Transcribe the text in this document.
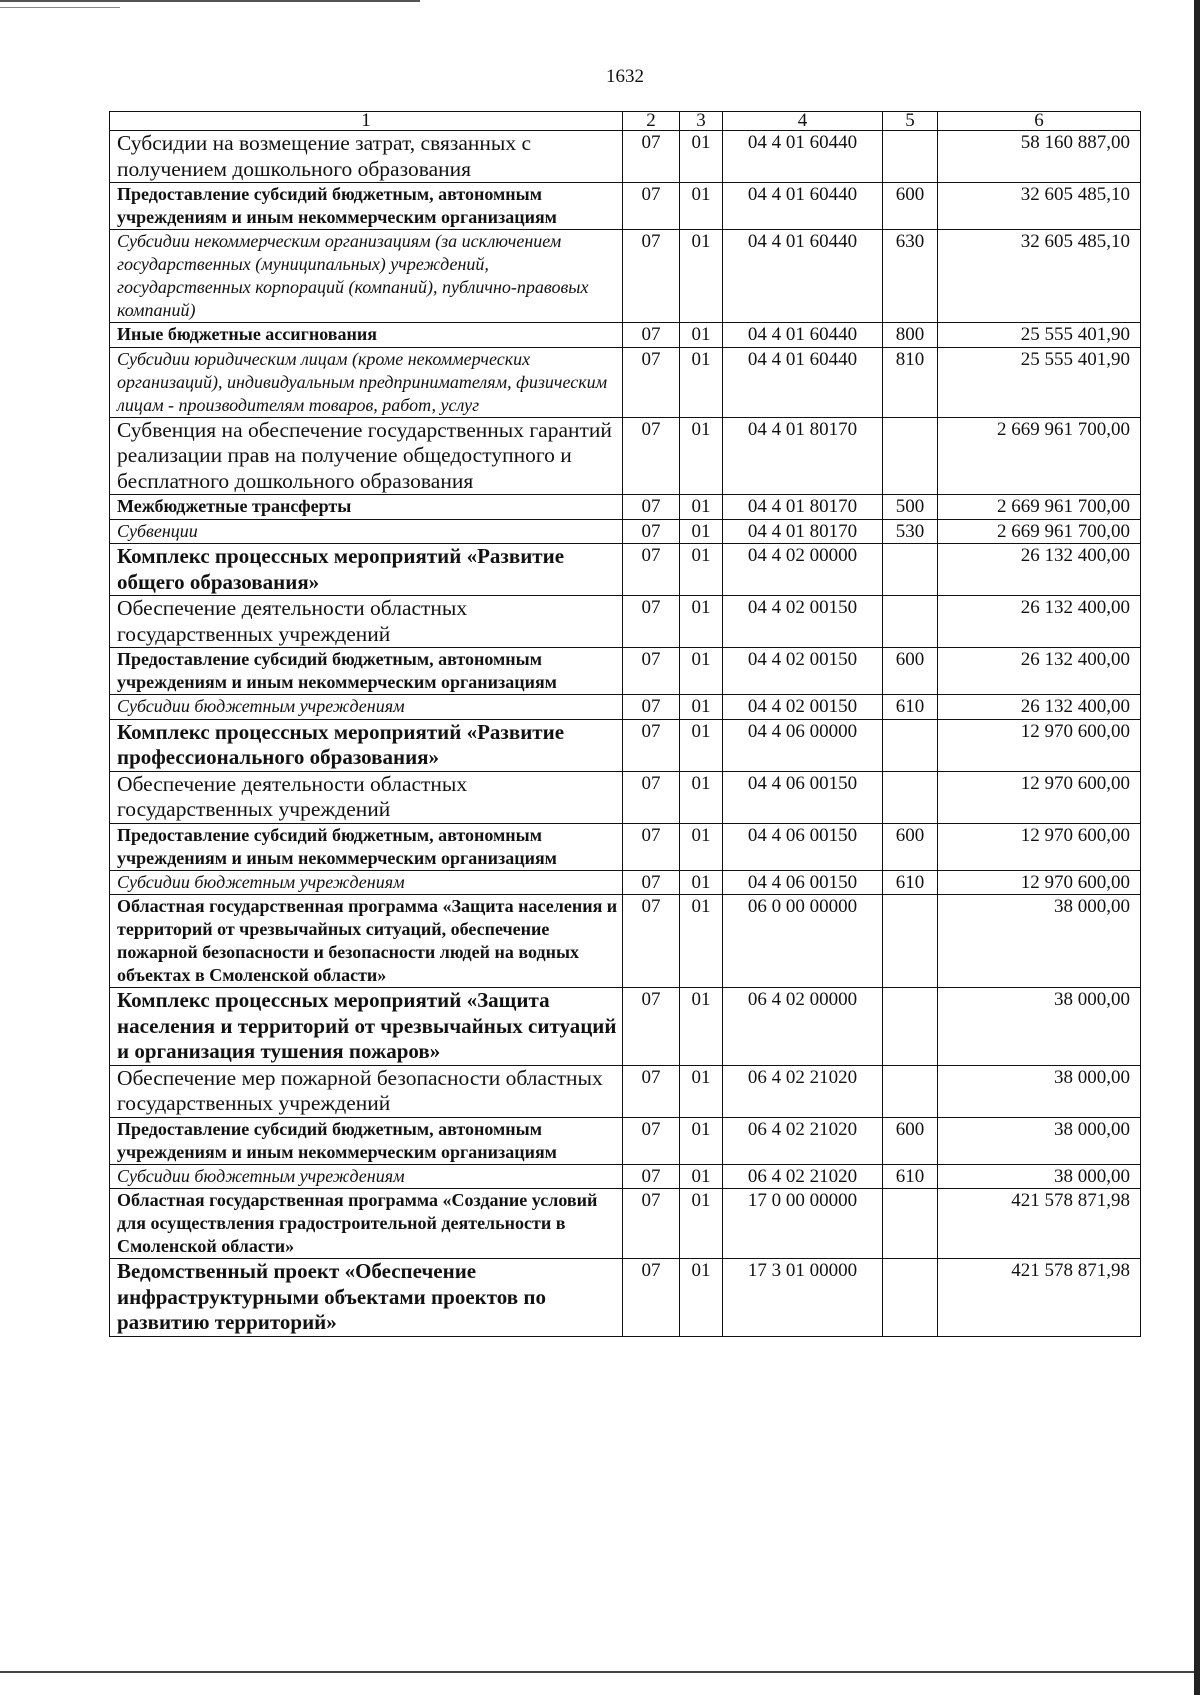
1632
1	2	3	4	5	6
Субсидии на возмещение затрат, связанных с получением дошкольного образования	07	01	04 4 01 60440		58 160 887,00
Предоставление субсидий бюджетным, автономным учреждениям и иным некоммерческим организациям	07	01	04 4 01 60440	600	32 605 485,10
Субсидии некоммерческим организациям (за исключением государственных (муниципальных) учреждений, государственных корпораций (компаний), публично-правовых компаний)	07	01	04 4 01 60440	630	32 605 485,10
Иные бюджетные ассигнования	07	01	04 4 01 60440	800	25 555 401,90
Субсидии юридическим лицам (кроме некоммерческих организаций), индивидуальным предпринимателям, физическим лицам - производителям товаров, работ, услуг	07	01	04 4 01 60440	810	25 555 401,90
Субвенция на обеспечение государственных гарантий реализации прав на получение общедоступного и бесплатного дошкольного образования	07	01	04 4 01 80170		2 669 961 700,00
Межбюджетные трансферты	07	01	04 4 01 80170	500	2 669 961 700,00
Субвенции	07	01	04 4 01 80170	530	2 669 961 700,00
Комплекс процессных мероприятий «Развитие общего образования»	07	01	04 4 02 00000		26 132 400,00
Обеспечение деятельности областных государственных учреждений	07	01	04 4 02 00150		26 132 400,00
Предоставление субсидий бюджетным, автономным учреждениям и иным некоммерческим организациям	07	01	04 4 02 00150	600	26 132 400,00
Субсидии бюджетным учреждениям	07	01	04 4 02 00150	610	26 132 400,00
Комплекс процессных мероприятий «Развитие профессионального образования»	07	01	04 4 06 00000		12 970 600,00
Обеспечение деятельности областных государственных учреждений	07	01	04 4 06 00150		12 970 600,00
Предоставление субсидий бюджетным, автономным учреждениям и иным некоммерческим организациям	07	01	04 4 06 00150	600	12 970 600,00
Субсидии бюджетным учреждениям	07	01	04 4 06 00150	610	12 970 600,00
Областная государственная программа «Защита населения и территорий от чрезвычайных ситуаций, обеспечение пожарной безопасности и безопасности людей на водных объектах в Смоленской области»	07	01	06 0 00 00000		38 000,00
Комплекс процессных мероприятий «Защита населения и территорий от чрезвычайных ситуаций и организация тушения пожаров»	07	01	06 4 02 00000		38 000,00
Обеспечение мер пожарной безопасности областных государственных учреждений	07	01	06 4 02 21020		38 000,00
Предоставление субсидий бюджетным, автономным учреждениям и иным некоммерческим организациям	07	01	06 4 02 21020	600	38 000,00
Субсидии бюджетным учреждениям	07	01	06 4 02 21020	610	38 000,00
Областная государственная программа «Создание условий для осуществления градостроительной деятельности в Смоленской области»	07	01	17 0 00 00000		421 578 871,98
Ведомственный проект «Обеспечение инфраструктурными объектами проектов по развитию территорий»	07	01	17 3 01 00000		421 578 871,98
